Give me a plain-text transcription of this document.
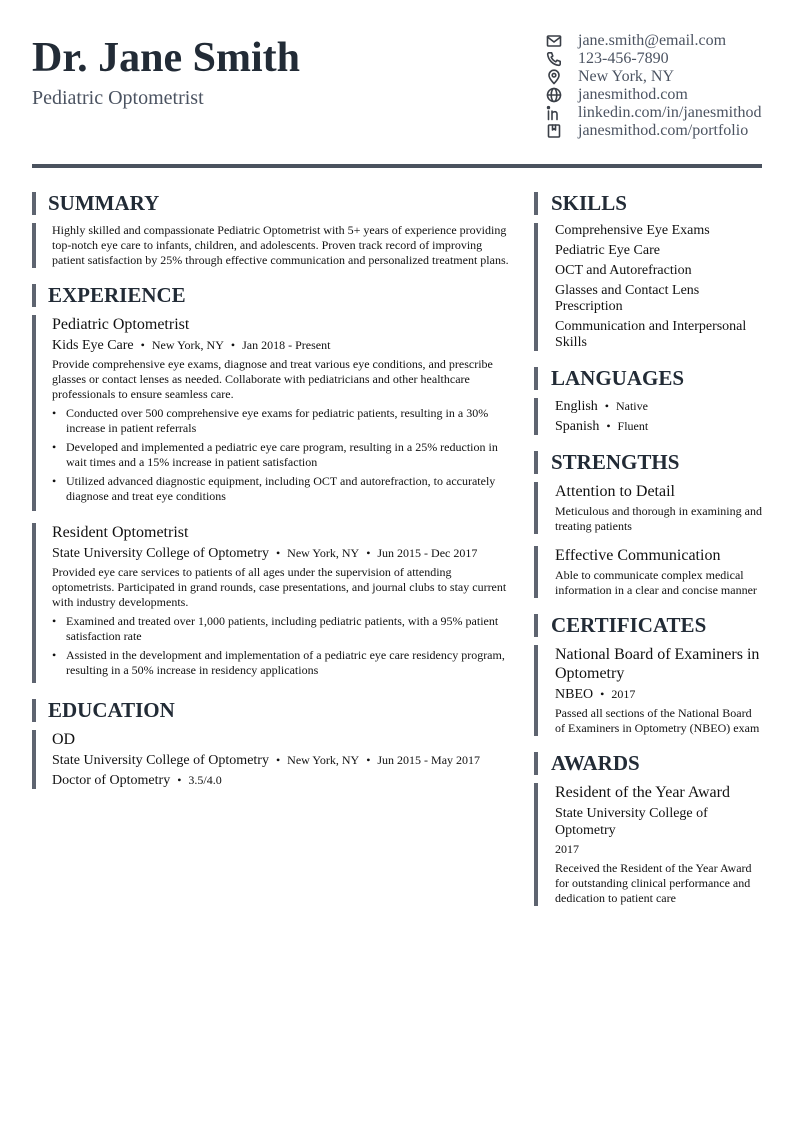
Dr. Jane Smith
Pediatric Optometrist
jane.smith@email.com
123-456-7890
New York, NY
janesmithod.com
linkedin.com/in/janesmithod
janesmithod.com/portfolio
SUMMARY
Highly skilled and compassionate Pediatric Optometrist with 5+ years of experience providing top-notch eye care to infants, children, and adolescents. Proven track record of improving patient satisfaction by 25% through effective communication and personalized treatment plans.
EXPERIENCE
Pediatric Optometrist
Kids Eye Care • New York, NY • Jan 2018 - Present
Provide comprehensive eye exams, diagnose and treat various eye conditions, and prescribe glasses or contact lenses as needed. Collaborate with pediatricians and other healthcare professionals to ensure seamless care.
• Conducted over 500 comprehensive eye exams for pediatric patients, resulting in a 30% increase in patient referrals
• Developed and implemented a pediatric eye care program, resulting in a 25% reduction in wait times and a 15% increase in patient satisfaction
• Utilized advanced diagnostic equipment, including OCT and autorefraction, to accurately diagnose and treat eye conditions
Resident Optometrist
State University College of Optometry • New York, NY • Jun 2015 - Dec 2017
Provided eye care services to patients of all ages under the supervision of attending optometrists. Participated in grand rounds, case presentations, and journal clubs to stay current with industry developments.
• Examined and treated over 1,000 patients, including pediatric patients, with a 95% patient satisfaction rate
• Assisted in the development and implementation of a pediatric eye care residency program, resulting in a 50% increase in residency applications
EDUCATION
OD
State University College of Optometry • New York, NY • Jun 2015 - May 2017
Doctor of Optometry • 3.5/4.0
SKILLS
Comprehensive Eye Exams
Pediatric Eye Care
OCT and Autorefraction
Glasses and Contact Lens Prescription
Communication and Interpersonal Skills
LANGUAGES
English • Native
Spanish • Fluent
STRENGTHS
Attention to Detail
Meticulous and thorough in examining and treating patients
Effective Communication
Able to communicate complex medical information in a clear and concise manner
CERTIFICATES
National Board of Examiners in Optometry
NBEO • 2017
Passed all sections of the National Board of Examiners in Optometry (NBEO) exam
AWARDS
Resident of the Year Award
State University College of Optometry
2017
Received the Resident of the Year Award for outstanding clinical performance and dedication to patient care
